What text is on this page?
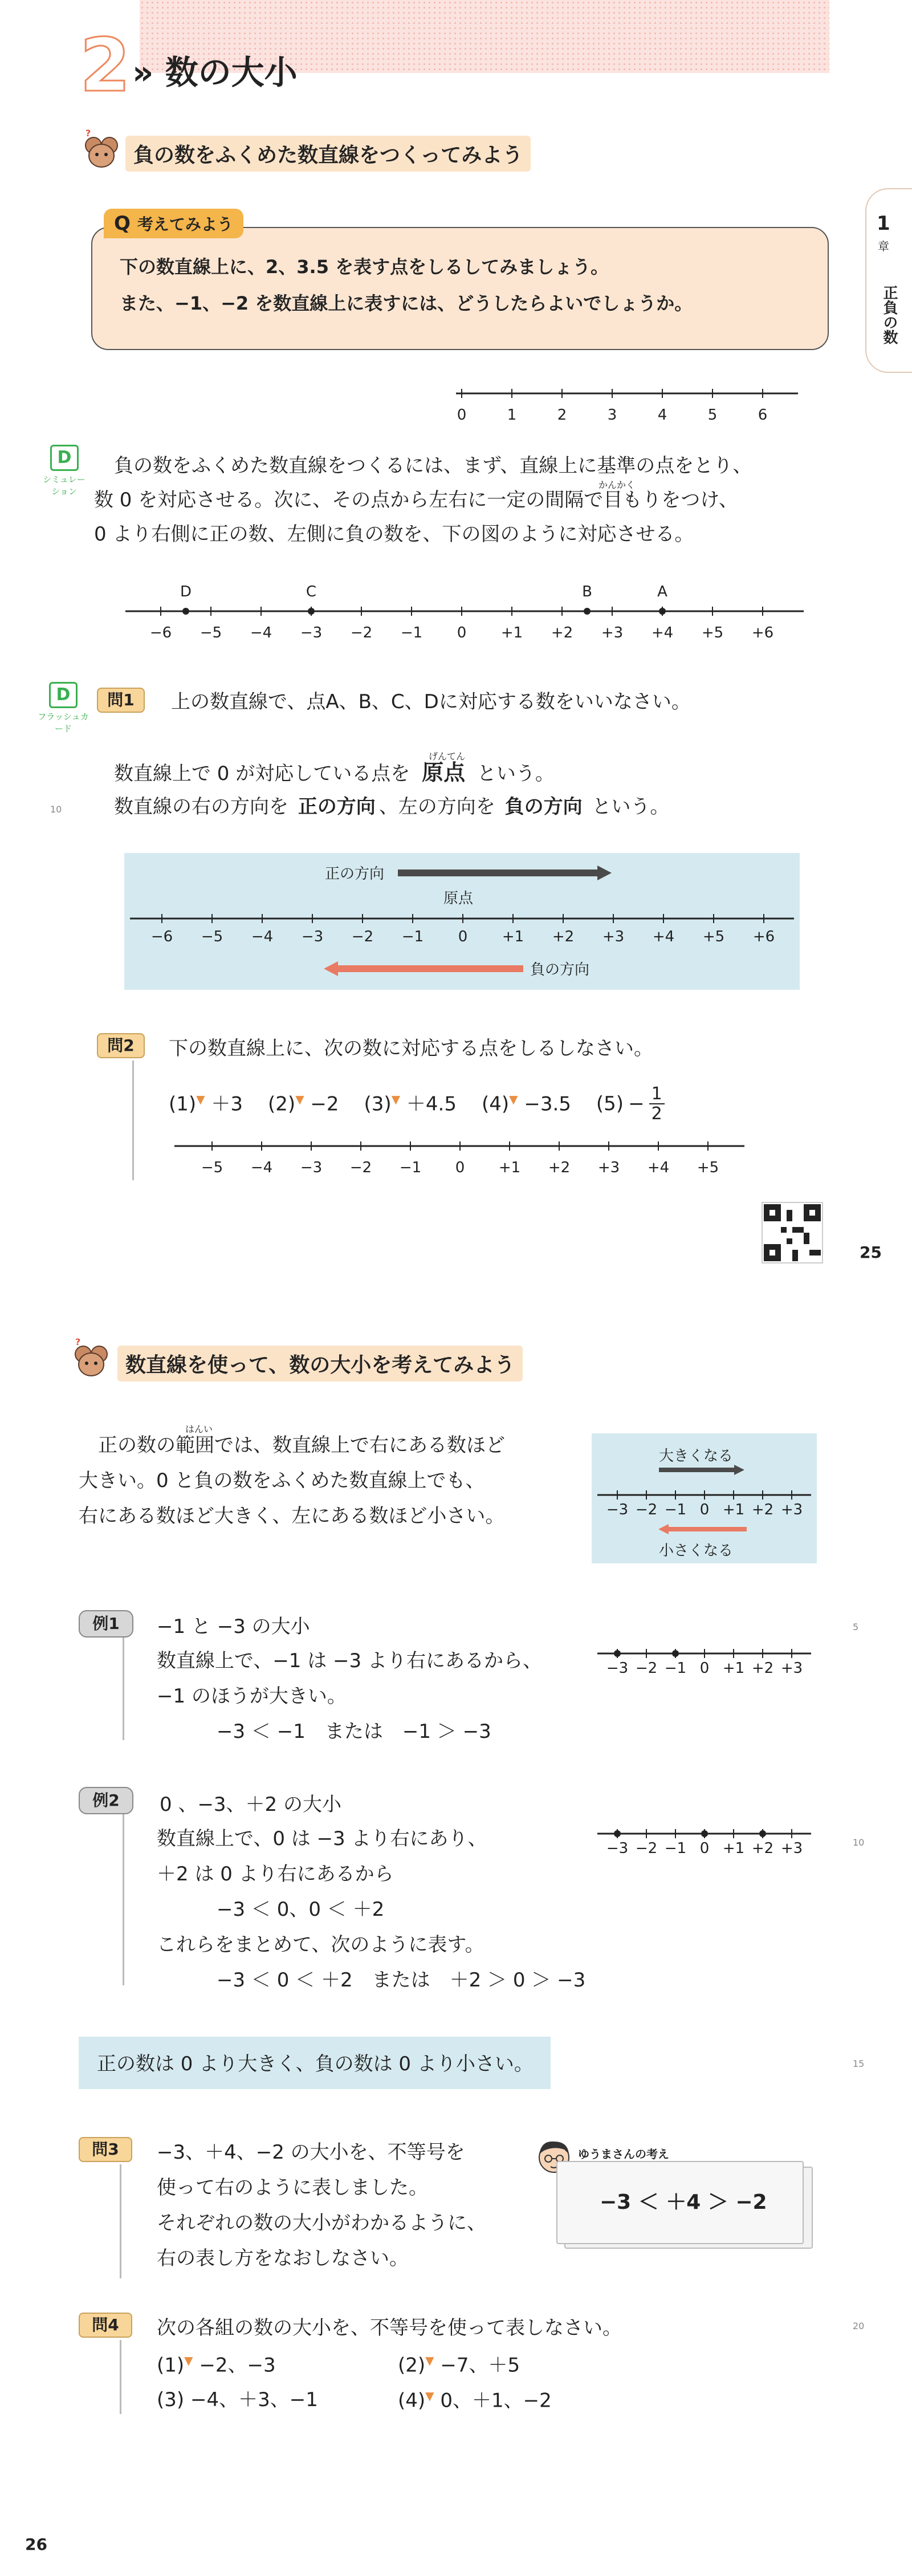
2 » 数の大小
1
章
正負の数
?
負の数をふくめた数直線をつくってみよう
Q 考えてみよう
下の数直線上に、2、3.5 を表す点をしるしてみましょう。
また、−1、−2 を数直線上に表すには、どうしたらよいでしょうか。
0	1	2	3	4	5	6
D
シミュレーション
負の数をふくめた数直線をつくるには、まず、直線上に基準の点をとり、
かんかく
数 0 を対応させる。次に、その点から左右に一定の間隔で目もりをつけ、
0 より右側に正の数、左側に負の数を、下の図のように対応させる。
−6 −5 −4 −3 −2 −1 0 +1 +2 +3 +4 +5 +6
D	C	B	A
D
フラッシュカード
問1	上の数直線で、点A、B、C、Dに対応する数をいいなさい。
げんてん
数直線上で 0 が対応している点を 原点 という。
数直線の右の方向を 正の方向 、左の方向を 負の方向 という。
10
正の方向
原点
負の方向
−6 −5 −4 −3 −2 −1 0 +1 +2 +3 +4 +5 +6
問2	下の数直線上に、次の数に対応する点をしるしなさい。
(1)▼ ＋3 (2)▼ −2 (3)▼ ＋4.5 (4)▼ −3.5 $(5) - \frac{1}{2}$
−5 −4 −3 −2 −1 0 +1 +2 +3 +4 +5
25
?
数直線を使って、数の大小を考えてみよう
はんい
正の数の範囲では、数直線上で右にある数ほど
大きい。0 と負の数をふくめた数直線上でも、
右にある数ほど大きく、左にある数ほど小さい。
大きくなる
小さくなる
−3 −2 −1 0 +1 +2 +3
例1	−1 と −3 の大小
数直線上で、−1 は −3 より右にあるから、
−1 のほうが大きい。
−3 ＜ −1　または　−1 ＞ −3
−3 −2 −1 0 +1 +2 +3
5
例2	0 、−3、＋2 の大小
数直線上で、0 は −3 より右にあり、
＋2 は 0 より右にあるから
−3 ＜ 0、0 ＜ ＋2
これらをまとめて、次のように表す。
−3 ＜ 0 ＜ ＋2　または　＋2 ＞ 0 ＞ −3
−3 −2 −1 0 +1 +2 +3	10
正の数は 0 より大きく、負の数は 0 より小さい。	15
問3	−3、＋4、−2 の大小を、不等号を
使って右のように表しました。
それぞれの数の大小がわかるように、
右の表し方をなおしなさい。
ゆうまさんの考え
−3 ＜ ＋4 ＞ −2
問4	次の各組の数の大小を、不等号を使って表しなさい。
(1)▼ −2、−3	(2)▼ −7、＋5
(3) −4、＋3、−1	(4)▼ 0、＋1、−2
20
26
